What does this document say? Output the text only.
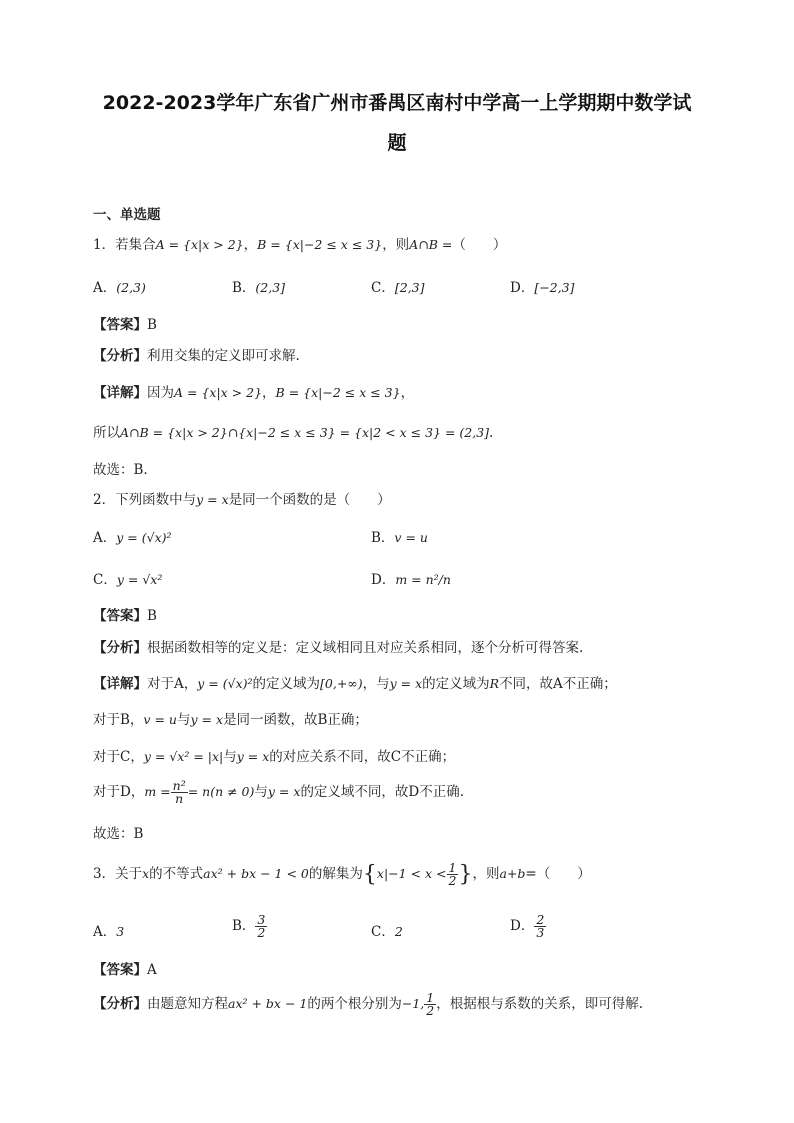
2022-2023学年广东省广州市番禺区南村中学高一上学期期中数学试
题
一、单选题
1．若集合A = {x|x > 2}，B = {x|−2 ≤ x ≤ 3}，则A∩B =（　　）
A．(2,3)	B．(2,3]	C．[2,3]	D．[−2,3]
【答案】B
【分析】利用交集的定义即可求解.
【详解】因为A = {x|x > 2}，B = {x|−2 ≤ x ≤ 3}，
所以A∩B = {x|x > 2}∩{x|−2 ≤ x ≤ 3} = {x|2 < x ≤ 3} = (2,3].
故选：B.
2．下列函数中与y = x是同一个函数的是（　　）
A．y = (√x)²	B．v = u
C．y = √x²	D．m = n²/n
【答案】B
【分析】根据函数相等的定义是：定义域相同且对应关系相同，逐个分析可得答案.
【详解】对于A，y = (√x)²的定义域为[0,+∞)，与y = x的定义域为R不同，故A不正确；
对于B，v = u与y = x是同一函数，故B正确；
对于C，y = √x² = |x|与y = x的对应关系不同，故C不正确；
对于D，$m = \frac{\text{n²}}{n} = n(n \ne 0)$与y = x的定义域不同，故D不正确.
故选：B
3．关于x的不等式ax² + bx − 1 < 0的解集为{$x|-1 < x < \frac{1}{2}$ }，则a+b=（　　）
A．3	B． $\frac{3}{2}$	C．2	D． $\frac{2}{3}$
【答案】A
【分析】由题意知方程ax² + bx − 1的两个根分别为−1, $\frac{1}{2}$ ，根据根与系数的关系，即可得解.
